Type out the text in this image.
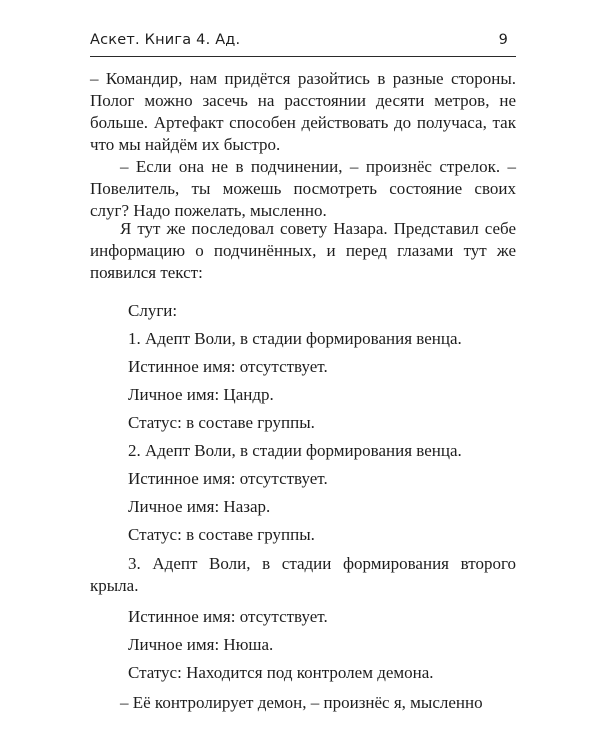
Аскет. Книга 4. Ад.	9

– Командир, нам придётся разойтись в разные стороны. Полог можно засечь на расстоянии десяти метров, не больше. Артефакт способен действовать до получаса, так что мы найдём их быстро.

– Если она не в подчинении, – произнёс стрелок. – Повелитель, ты можешь посмотреть состояние своих слуг? Надо пожелать, мысленно.

Я тут же последовал совету Назара. Представил себе информацию о подчинённых, и перед глазами тут же появился текст:

Слуги:

1. Адепт Воли, в стадии формирования венца.

Истинное имя: отсутствует.

Личное имя: Цандр.

Статус: в составе группы.

2. Адепт Воли, в стадии формирования венца.

Истинное имя: отсутствует.

Личное имя: Назар.

Статус: в составе группы.

3. Адепт Воли, в стадии формирования второго крыла.

Истинное имя: отсутствует.

Личное имя: Нюша.

Статус: Находится под контролем демона.

– Её контролирует демон, – произнёс я, мысленно
